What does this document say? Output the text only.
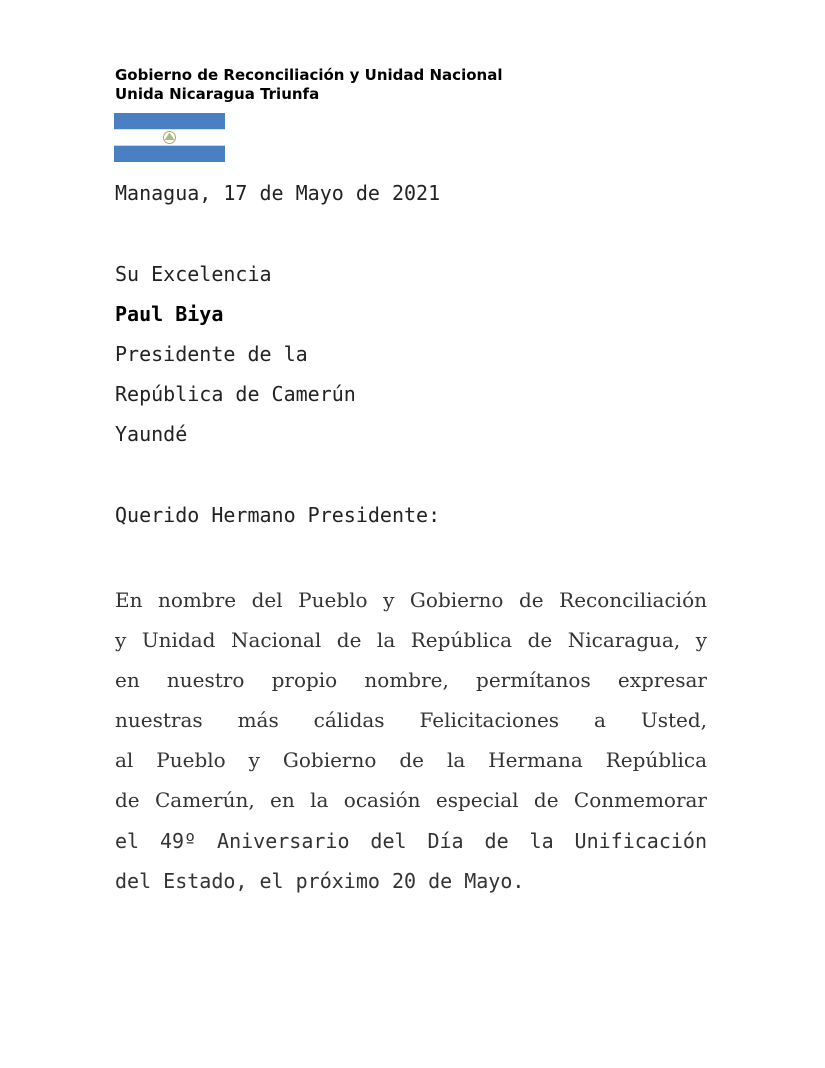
Gobierno de Reconciliación y Unidad Nacional
Unida Nicaragua Triunfa
Managua, 17 de Mayo de 2021
Su Excelencia
Paul Biya
Presidente de la
República de Camerún
Yaundé
Querido Hermano Presidente:
En nombre del Pueblo y Gobierno de Reconciliación
y Unidad Nacional de la República de Nicaragua, y
en nuestro propio nombre, permítanos expresar
nuestras más cálidas Felicitaciones a Usted,
al Pueblo y Gobierno de la Hermana República
de Camerún, en la ocasión especial de Conmemorar
el 49º Aniversario del Día de la Unificación
del Estado, el próximo 20 de Mayo.
